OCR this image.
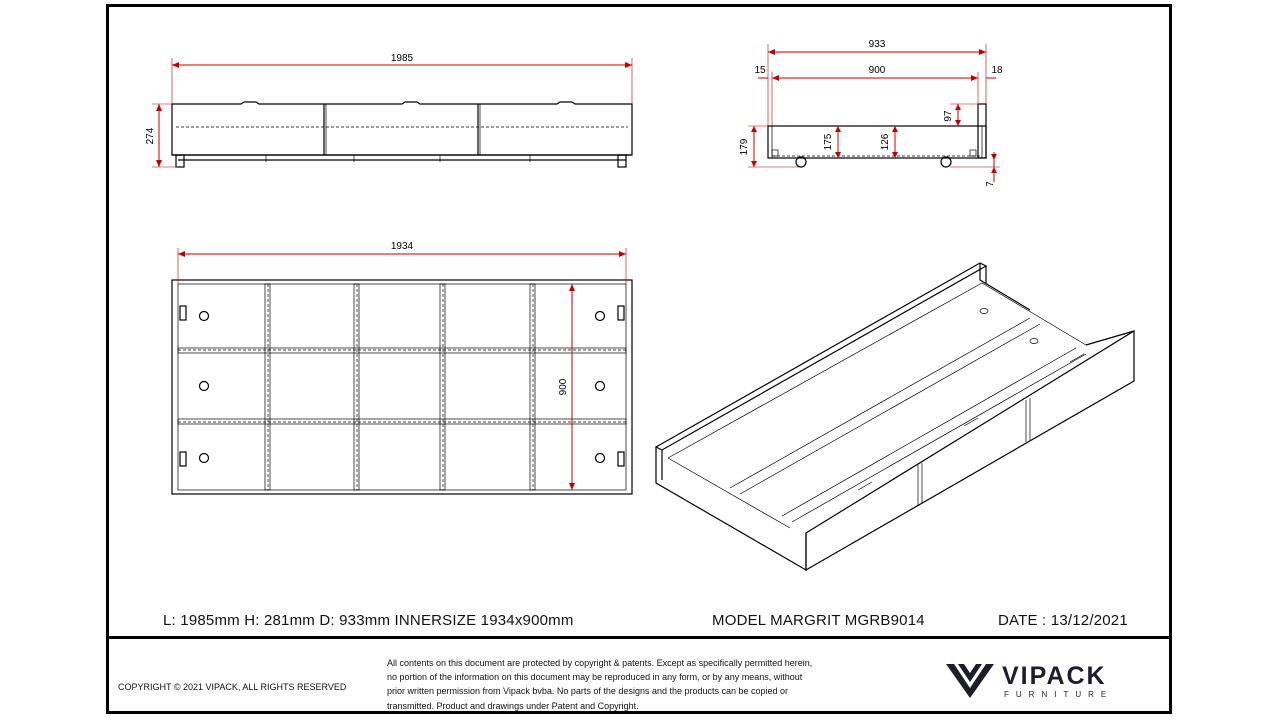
1985
274
933
900
15	18
97
179	175	126
7
1934
900
L: 1985mm H: 281mm D: 933mm INNERSIZE 1934x900mm	MODEL MARGRIT MGRB9014	DATE : 13/12/2021
COPYRIGHT © 2021 VIPACK, ALL RIGHTS RESERVED
All contents on this document are protected by copyright & patents. Except as specifically permitted herein,
no portion of the information on this document may be reproduced in any form, or by any means, without
prior written permission from Vipack bvba. No parts of the designs and the products can be copied or
transmitted. Product and drawings under Patent and Copyright.
VIPACK
FURNITURE
